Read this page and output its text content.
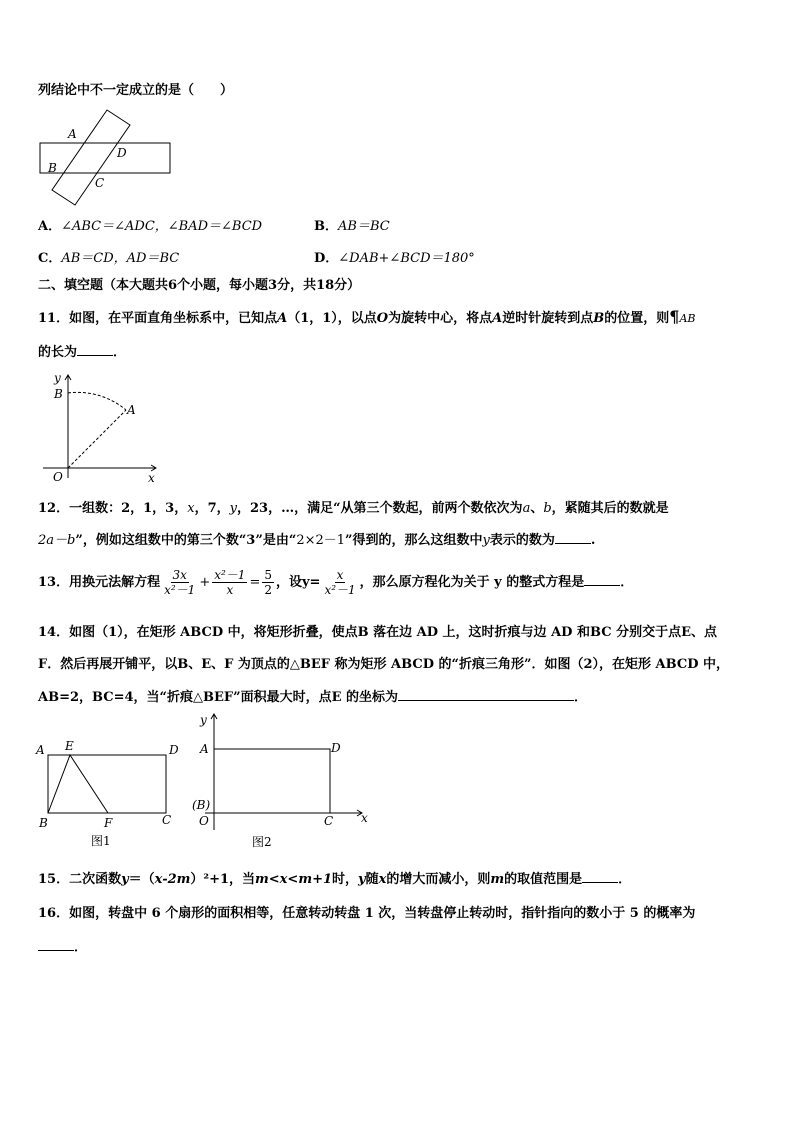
列结论中不一定成立的是（　　）
A
D
B
C
A．∠ABC＝∠ADC，∠BAD＝∠BCD	B．AB＝BC
C．AB＝CD，AD＝BC	D．∠DAB+∠BCD＝180°
二、填空题（本大题共6个小题，每小题3分，共18分）
11．如图，在平面直角坐标系中，已知点A（1，1），以点O为旋转中心，将点A逆时针旋转到点B的位置，则¶AB
的长为	．
y
B
A
O	x
12．一组数：2，1，3，x，7，y，23，…，满足“从第三个数起，前两个数依次为a、b，紧随其后的数就是
2a－b”，例如这组数中的第三个数“3”是由“2×2－1”得到的，那么这组数中y表示的数为	.
13．用换元法解方程 $\frac{3x}{\text{x²－1}} + \frac{\text{x²－1}}{x} = \frac{5}{2}$ ，设$y= \frac{x}{\text{x²－1}}$ ，那么原方程化为关于 y 的整式方程是	．
14．如图（1），在矩形 ABCD 中，将矩形折叠，使点B 落在边 AD 上，这时折痕与边 AD 和BC 分别交于点E、点
F．然后再展开铺平，以B、E、F 为顶点的△BEF 称为矩形 ABCD 的“折痕三角形”．如图（2），在矩形 ABCD 中，
AB=2，BC=4，当“折痕△BEF”面积最大时，点E 的坐标为	．
A E	D
B	F	C
图1
y
A	D
(B)
O	C x
图2
15．二次函数y＝（x-2m）²+1，当m<x<m+1时，y随x的增大而减小，则m的取值范围是	．
16．如图，转盘中 6 个扇形的面积相等，任意转动转盘 1 次，当转盘停止转动时，指针指向的数小于 5 的概率为
．
